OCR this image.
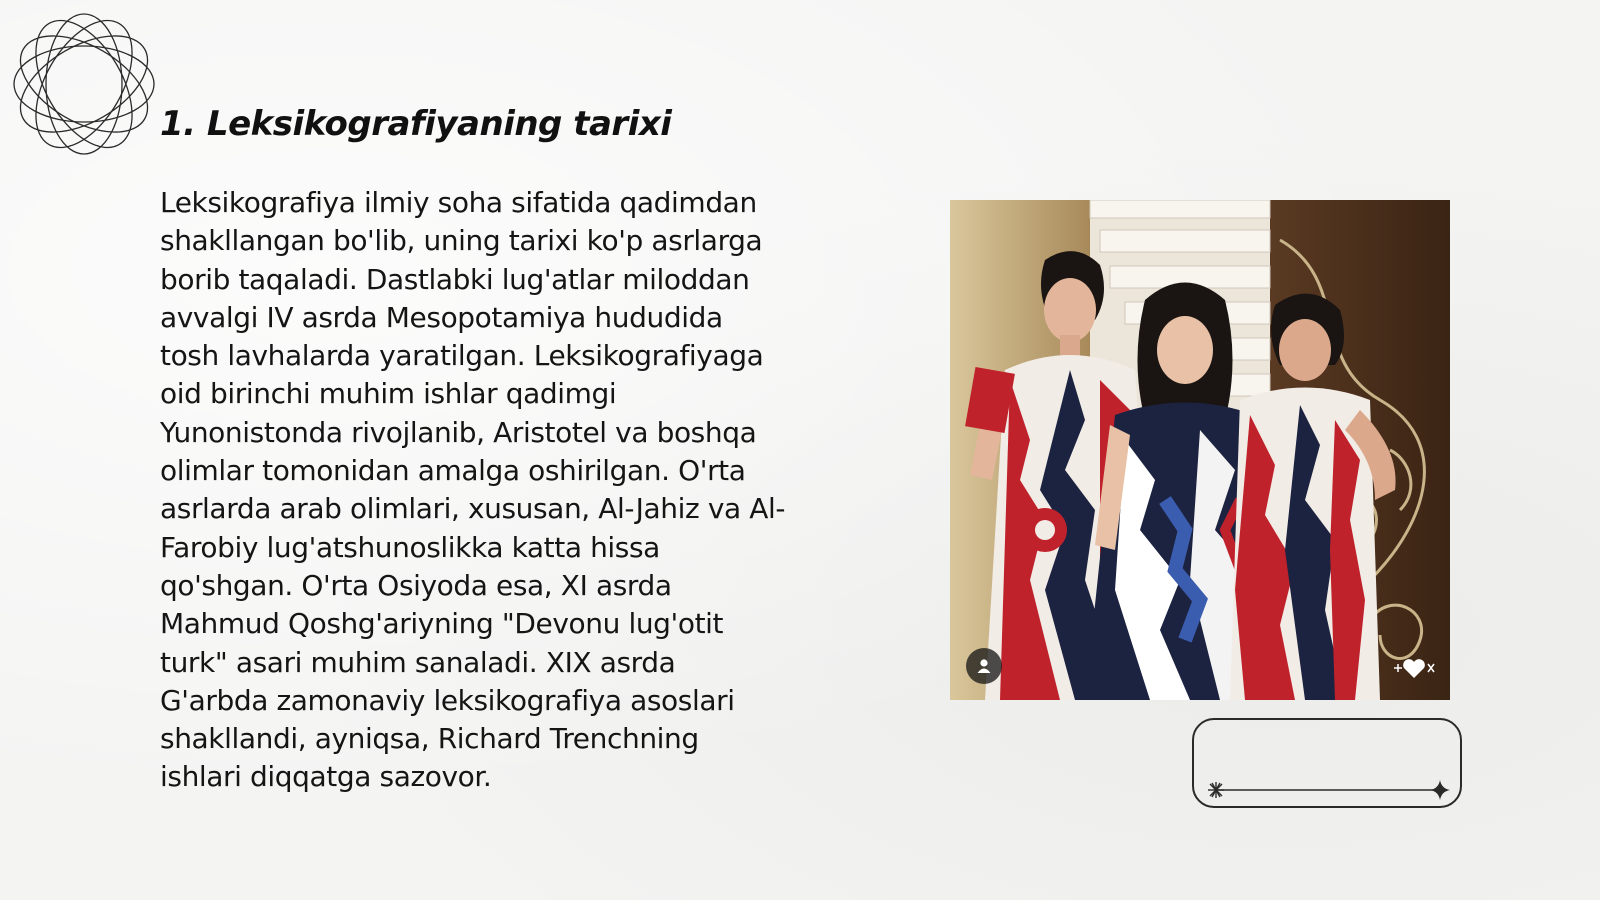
1. Leksikografiyaning tarixi
Leksikografiya ilmiy soha sifatida qadimdan
shakllangan bo'lib, uning tarixi ko'p asrlarga
borib taqaladi. Dastlabki lug'atlar miloddan
avvalgi IV asrda Mesopotamiya hududida
tosh lavhalarda yaratilgan. Leksikografiyaga
oid birinchi muhim ishlar qadimgi
Yunonistonda rivojlanib, Aristotel va boshqa
olimlar tomonidan amalga oshirilgan. O'rta
asrlarda arab olimlari, xususan, Al-Jahiz va Al-
Farobiy lug'atshunoslikka katta hissa
qo'shgan. O'rta Osiyoda esa, XI asrda
Mahmud Qoshg'ariyning "Devonu lug'otit
turk" asari muhim sanaladi. XIX asrda
G'arbda zamonaviy leksikografiya asoslari
shakllandi, ayniqsa, Richard Trenchning
ishlari diqqatga sazovor.
